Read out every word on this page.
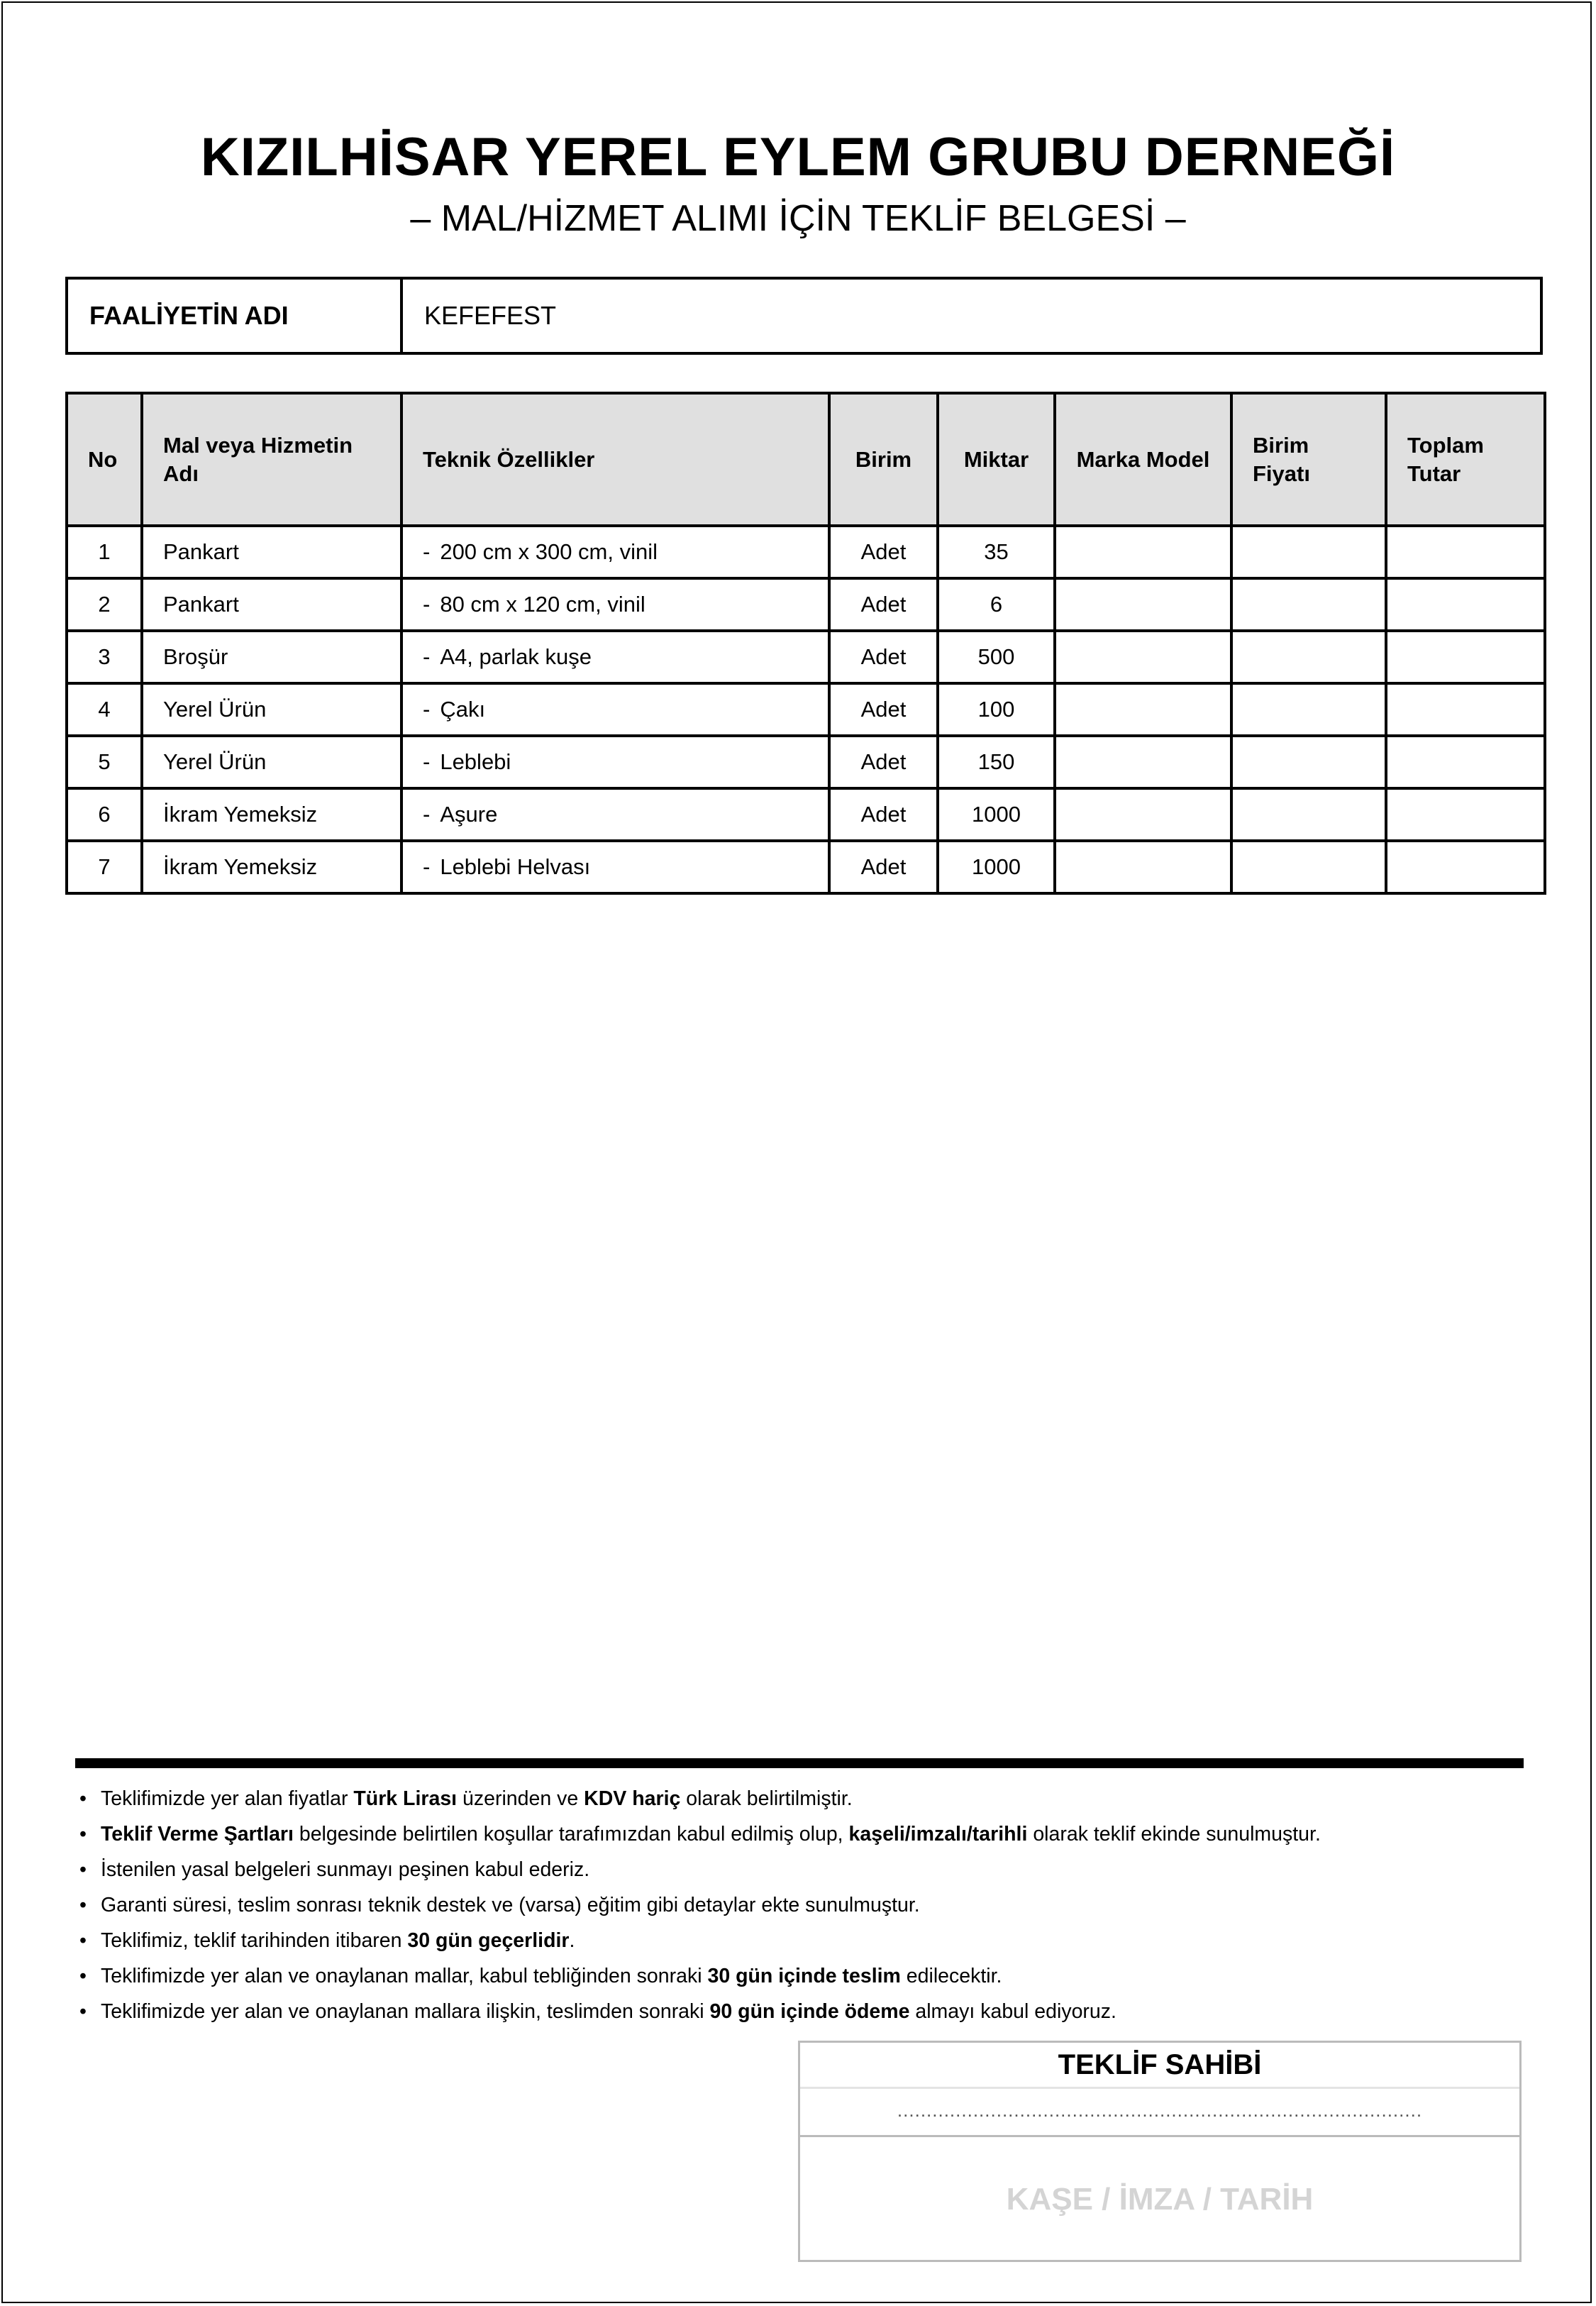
KIZILHİSAR YEREL EYLEM GRUBU DERNEĞİ
– MAL/HİZMET ALIMI İÇİN TEKLİF BELGESİ –
FAALİYETİN ADI	KEFEFEST
No	Mal veya Hizmetin Adı	Teknik Özellikler	Birim	Miktar	Marka Model	Birim Fiyatı	Toplam Tutar
1	Pankart	- 200 cm x 300 cm, vinil	Adet	35			
2	Pankart	- 80 cm x 120 cm, vinil	Adet	6			
3	Broşür	- A4, parlak kuşe	Adet	500			
4	Yerel Ürün	- Çakı	Adet	100			
5	Yerel Ürün	- Leblebi	Adet	150			
6	İkram Yemeksiz	- Aşure	Adet	1000			
7	İkram Yemeksiz	- Leblebi Helvası	Adet	1000			
• Teklifimizde yer alan fiyatlar Türk Lirası üzerinden ve KDV hariç olarak belirtilmiştir.
• Teklif Verme Şartları belgesinde belirtilen koşullar tarafımızdan kabul edilmiş olup, kaşeli/imzalı/tarihli olarak teklif ekinde sunulmuştur.
• İstenilen yasal belgeleri sunmayı peşinen kabul ederiz.
• Garanti süresi, teslim sonrası teknik destek ve (varsa) eğitim gibi detaylar ekte sunulmuştur.
• Teklifimiz, teklif tarihinden itibaren 30 gün geçerlidir.
• Teklifimizde yer alan ve onaylanan mallar, kabul tebliğinden sonraki 30 gün içinde teslim edilecektir.
• Teklifimizde yer alan ve onaylanan mallara ilişkin, teslimden sonraki 90 gün içinde ödeme almayı kabul ediyoruz.
TEKLİF SAHİBİ
..........................................................................................
KAŞE / İMZA / TARİH
